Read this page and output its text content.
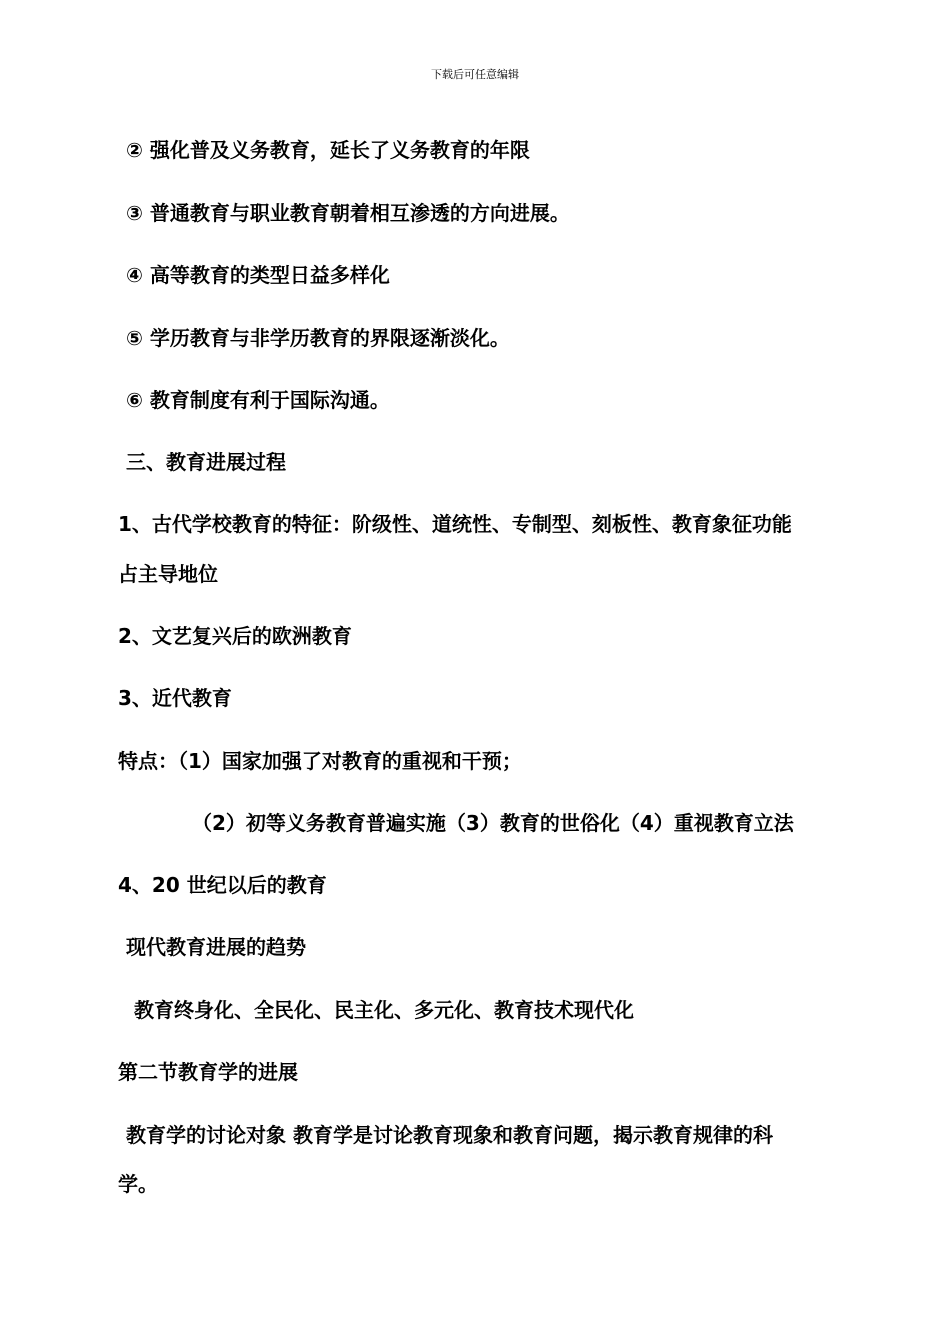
下载后可任意编辑
② 强化普及义务教育，延长了义务教育的年限
③ 普通教育与职业教育朝着相互渗透的方向进展。
④ 高等教育的类型日益多样化
⑤ 学历教育与非学历教育的界限逐渐淡化。
⑥ 教育制度有利于国际沟通。
三、教育进展过程
1、古代学校教育的特征：阶级性、道统性、专制型、刻板性、教育象征功能
占主导地位
2、文艺复兴后的欧洲教育
3、近代教育
特点：（1）国家加强了对教育的重视和干预；
（2）初等义务教育普遍实施（3）教育的世俗化（4）重视教育立法
4、20 世纪以后的教育
现代教育进展的趋势
教育终身化、全民化、民主化、多元化、教育技术现代化
第二节教育学的进展
教育学的讨论对象 教育学是讨论教育现象和教育问题，揭示教育规律的科
学。
